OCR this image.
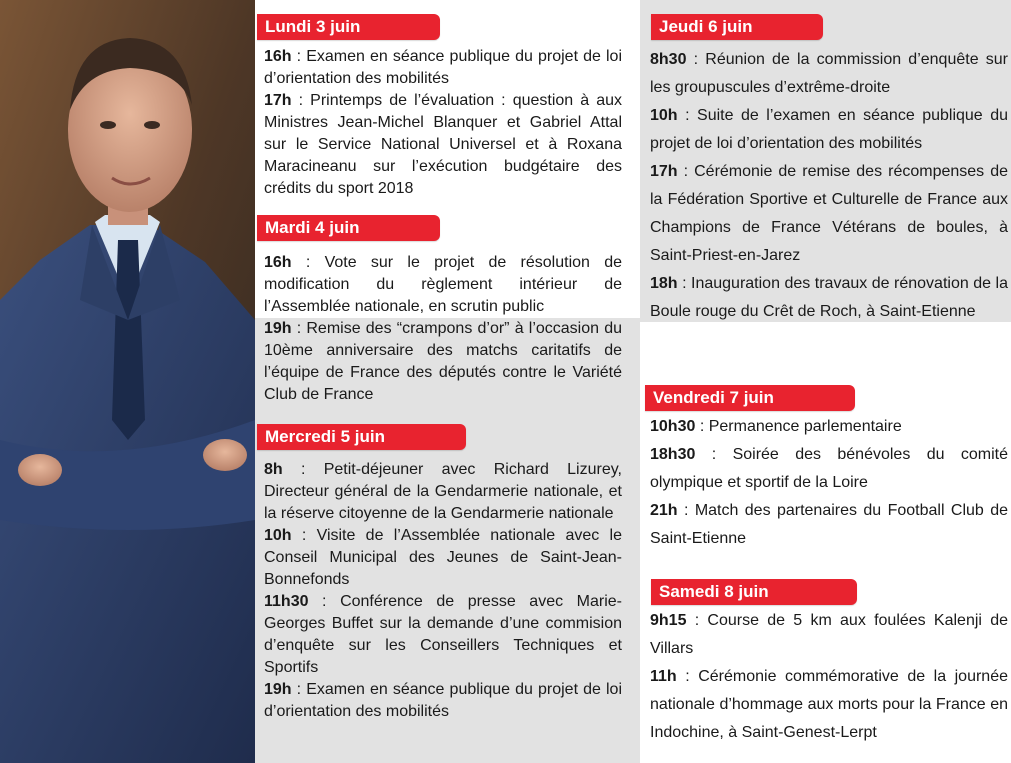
Lundi 3 juin

16h : Examen en séance publique du projet de loi d’orientation des mobilités

17h : Printemps de l’évaluation : question à aux Ministres Jean-Michel Blanquer et Gabriel Attal sur le Service National Universel et à Roxana Maracineanu sur l’exécution budgétaire des crédits du sport 2018

Mardi 4 juin

16h : Vote sur le projet de résolution de modification du règlement intérieur de l’Assemblée nationale, en scrutin public

19h : Remise des “crampons d’or” à l’occasion du 10ème anniversaire des matchs caritatifs de l’équipe de France des députés contre le Variété Club de France

Mercredi 5 juin

8h : Petit-déjeuner avec Richard Lizurey, Directeur général de la Gendarmerie nationale, et la réserve citoyenne de la Gendarmerie nationale

10h : Visite de l’Assemblée nationale avec le Conseil Municipal des Jeunes de Saint-Jean-Bonnefonds

11h30 : Conférence de presse avec Marie-Georges Buffet sur la demande d’une commision d’enquête sur les Conseillers Techniques et Sportifs

19h : Examen en séance publique du projet de loi d’orientation des mobilités

Jeudi 6 juin

8h30 : Réunion de la commission d’enquête sur les groupuscules d’extrême-droite

10h : Suite de l’examen en séance publique du projet de loi d’orientation des mobilités

17h : Cérémonie de remise des récompenses de la Fédération Sportive et Culturelle de France aux Champions de France Vétérans de boules, à Saint-Priest-en-Jarez

18h : Inauguration des travaux de rénovation de la Boule rouge du Crêt de Roch, à Saint-Etienne

Vendredi 7 juin

10h30 : Permanence parlementaire

18h30 : Soirée des bénévoles du comité olympique et sportif de la Loire

21h : Match des partenaires du Football Club de Saint-Etienne

Samedi 8 juin

9h15 : Course de 5 km aux foulées Kalenji de Villars

11h : Cérémonie commémorative de la journée nationale d’hommage aux morts pour la France en Indochine, à Saint-Genest-Lerpt
